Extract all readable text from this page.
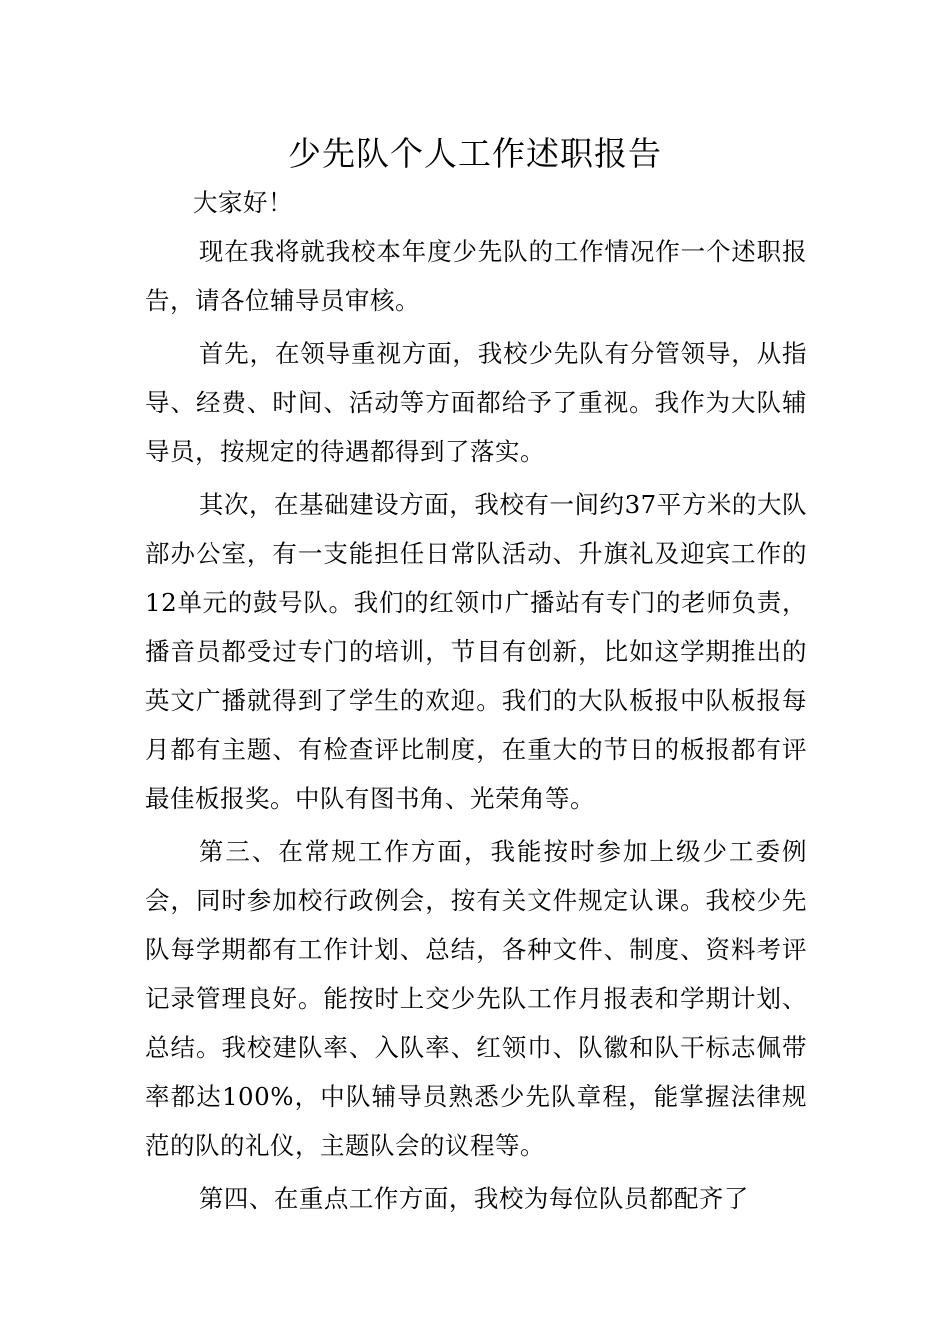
少先队个人工作述职报告

大家好！

现在我将就我校本年度少先队的工作情况作一个述职报告，请各位辅导员审核。

首先，在领导重视方面，我校少先队有分管领导，从指导、经费、时间、活动等方面都给予了重视。我作为大队辅导员，按规定的待遇都得到了落实。

其次，在基础建设方面，我校有一间约37平方米的大队部办公室，有一支能担任日常队活动、升旗礼及迎宾工作的12单元的鼓号队。我们的红领巾广播站有专门的老师负责，播音员都受过专门的培训，节目有创新，比如这学期推出的英文广播就得到了学生的欢迎。我们的大队板报中队板报每月都有主题、有检查评比制度，在重大的节日的板报都有评最佳板报奖。中队有图书角、光荣角等。

第三、在常规工作方面，我能按时参加上级少工委例会，同时参加校行政例会，按有关文件规定认课。我校少先队每学期都有工作计划、总结，各种文件、制度、资料考评记录管理良好。能按时上交少先队工作月报表和学期计划、总结。我校建队率、入队率、红领巾、队徽和队干标志佩带率都达100%，中队辅导员熟悉少先队章程，能掌握法律规范的队的礼仪，主题队会的议程等。

第四、在重点工作方面，我校为每位队员都配齐了
